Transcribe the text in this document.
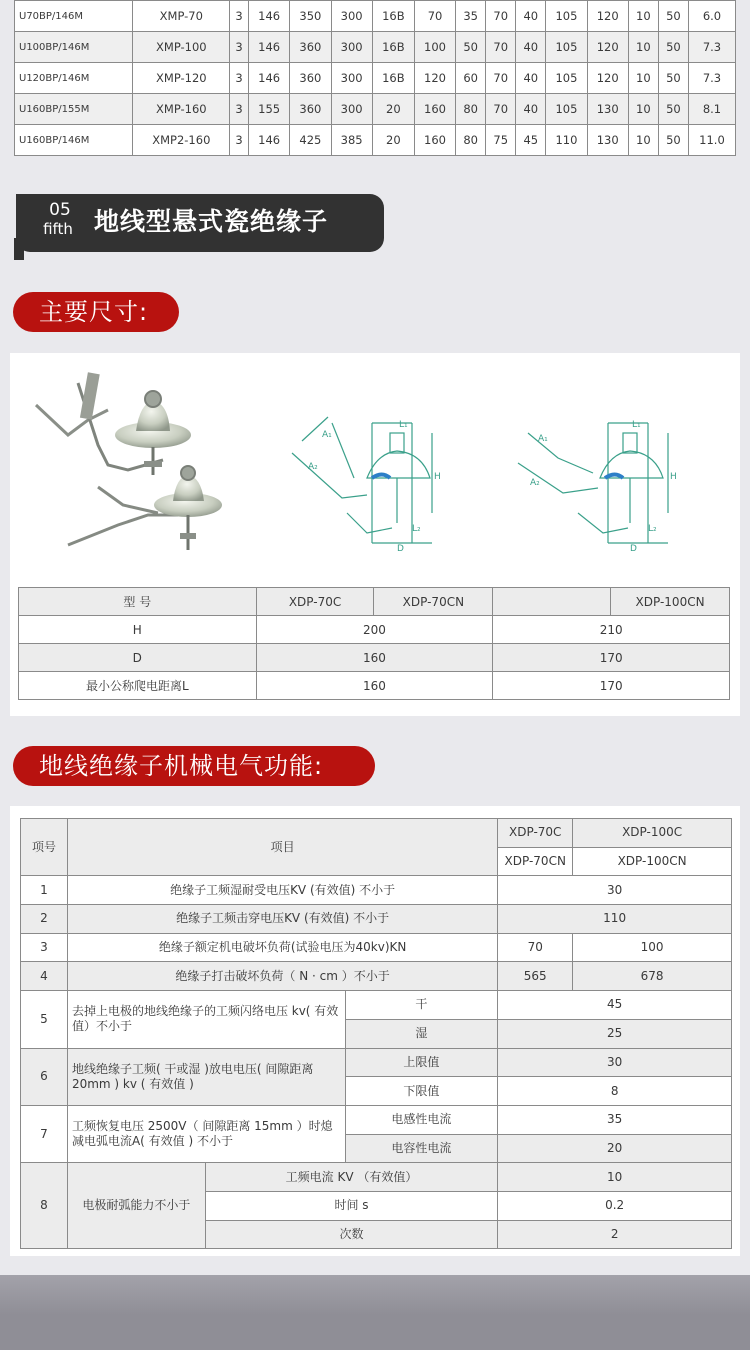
U70BP/146M	XMP-70	3	146	350	300	16B	70	35	70	40	105	120	10	50	6.0
U100BP/146M	XMP-100	3	146	360	300	16B	100	50	70	40	105	120	10	50	7.3
U120BP/146M	XMP-120	3	146	360	300	16B	120	60	70	40	105	120	10	50	7.3
U160BP/155M	XMP-160	3	155	360	300	20	160	80	70	40	105	130	10	50	8.1
U160BP/146M	XMP2-160	3	146	425	385	20	160	80	75	45	110	130	10	50	11.0
05
fifth 地线型悬式瓷绝缘子
主要尺寸:
L₁
H
D
L₂
A₂
A₁
L₁
H
D
L₂
A₂
A₁
型 号	XDP-70C	XDP-70CN		XDP-100CN
H	200		210	
D	160		170	
最小公称爬电距离L	160		170	
地线绝缘子机械电气功能:
项号	项目			XDP-70C	XDP-100C
				XDP-70CN	XDP-100CN
1	绝缘子工频湿耐受电压KV (有效值) 不小于			30	
2	绝缘子工频击穿电压KV (有效值) 不小于			110	
3	绝缘子额定机电破坏负荷(试验电压为40kv)KN			70	100
4	绝缘子打击破坏负荷（ N · cm ）不小于			565	678
5	去掉上电极的地线绝缘子的工频闪络电压 kv( 有效值）不小于		干	45	
			湿	25	
6	地线绝缘子工频( 干或湿 )放电电压( 间隙距离 20mm ) kv ( 有效值 )		上限值	30	
			下限值	8	
7	工频恢复电压 2500V（ 间隙距离 15mm ）时熄减电弧电流A( 有效值 ) 不小于		电感性电流	35	
			电容性电流	20	
8	电极耐弧能力不小于	工频电流 KV （有效值）		10	
		时间 s		0.2	
		次数		2	
